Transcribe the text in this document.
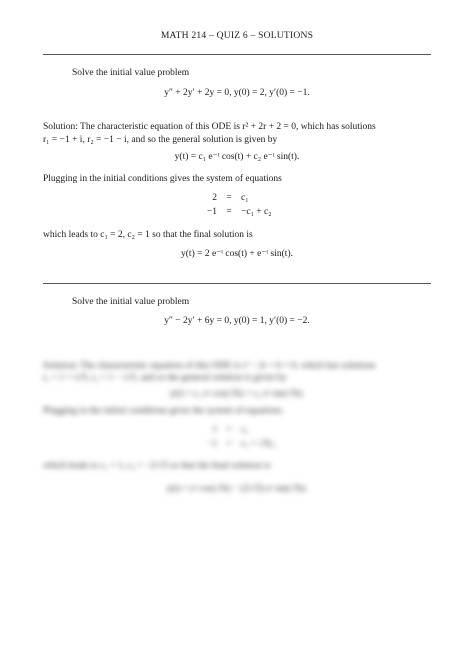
MATH 214 – QUIZ 6 – SOLUTIONS
Solve the initial value problem
y″ + 2y′ + 2y = 0, y(0) = 2, y′(0) = −1.
Solution: The characteristic equation of this ODE is r² + 2r + 2 = 0, which has solutions
r₁ = −1 + i, r₂ = −1 − i, and so the general solution is given by
y(t) = c₁ e⁻ᵗ cos(t) + c₂ e⁻ᵗ sin(t).
Plugging in the initial conditions gives the system of equations
2 = c₁
−1 = −c₁ + c₂
which leads to c₁ = 2, c₂ = 1 so that the final solution is
y(t) = 2 e⁻ᵗ cos(t) + e⁻ᵗ sin(t).
Solve the initial value problem
y″ − 2y′ + 6y = 0, y(0) = 1, y′(0) = −2.
Solution: The characteristic equation of this ODE is r² − 2r + 6 = 0, which has solutions
r₁ = 1 + i√5, r₂ = 1 − i√5, and so the general solution is given by
y(t) = c₁ eᵗ cos(√5t) + c₂ eᵗ sin(√5t).
Plugging in the initial conditions gives the system of equations
1 = c₁
−1 = c₁ + √5c₂
which leads to c₁ = 1, c₂ = −2/√5 so that the final solution is
y(t) = eᵗ cos(√5t) − (2/√5) eᵗ sin(√5t).
